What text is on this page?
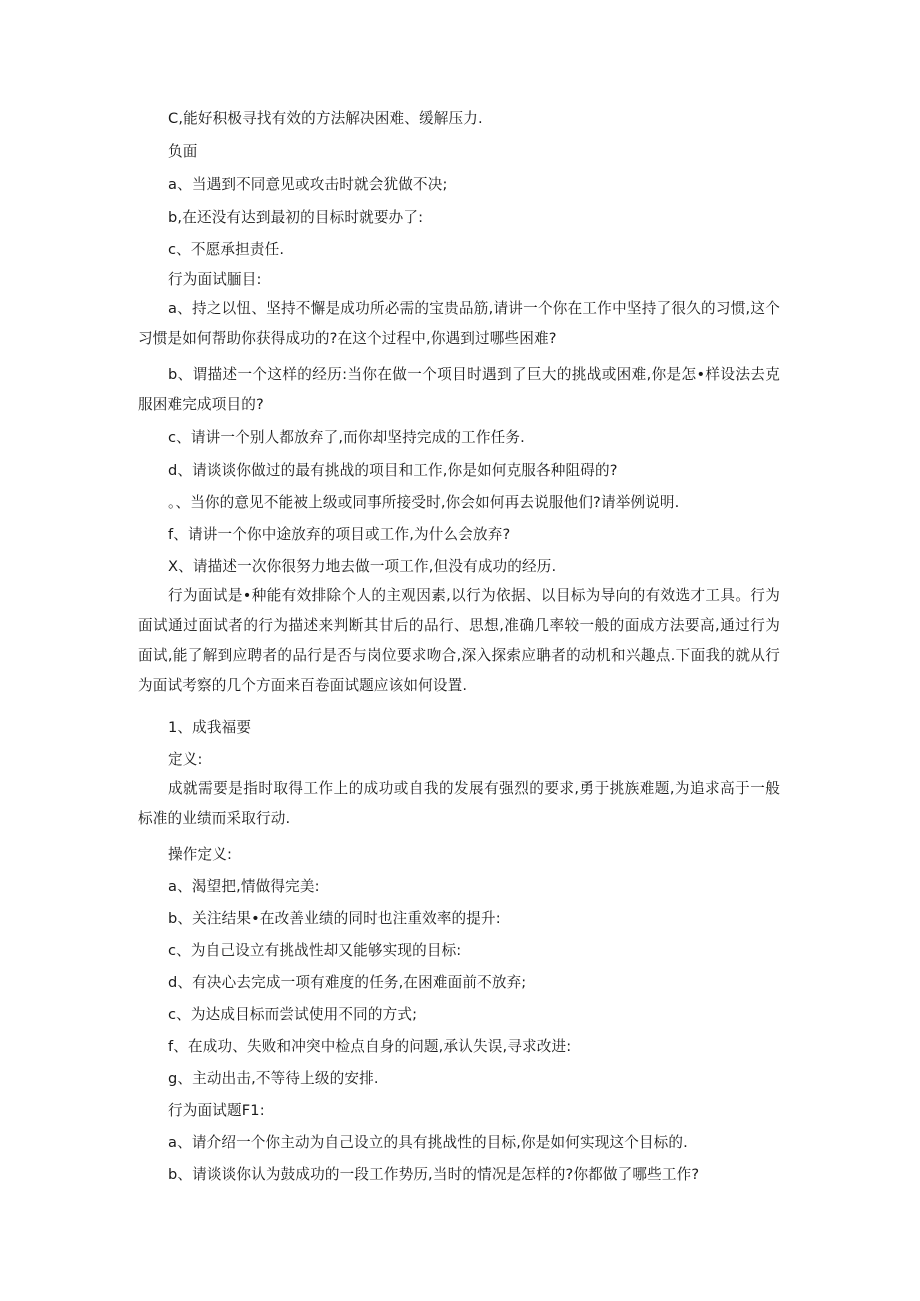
C,能好积极寻找有效的方法解决困难、缓解压力.
负面
a、当遇到不同意见或攻击时就会犹做不决;
b,在还没有达到最初的目标时就要办了:
c、不愿承担责任.
行为面试腼目:
a、持之以忸、坚持不懈是成功所必需的宝贵品筋,请讲一个你在工作中坚持了很久的习惯,这个习惯是如何帮助你获得成功的?在这个过程中,你遇到过哪些困难?
b、谓描述一个这样的经历:当你在做一个项目时遇到了巨大的挑战或困难,你是怎•样设法去克服困难完成项目的?
c、请讲一个别人都放弃了,而你却坚持完成的工作任务.
d、请谈谈你做过的最有挑战的项目和工作,你是如何克服各种阻碍的?
。、当你的意见不能被上级或同事所接受时,你会如何再去说服他们?请举例说明.
f、请讲一个你中途放弃的项目或工作,为什么会放弃?
X、请描述一次你很努力地去做一项工作,但没有成功的经历.
行为面试是•种能有效排除个人的主观因素,以行为依据、以目标为导向的有效选才工具。行为面试通过面试者的行为描述来判断其甘后的品行、思想,准确几率较一般的面成方法要高,通过行为面试,能了解到应聘者的品行是否与岗位要求吻合,深入探索应聃者的动机和兴趣点.下面我的就从行为面试考察的几个方面来百卷面试题应该如何设置.
1、成我福要
定义:
成就需要是指时取得工作上的成功或自我的发展有强烈的要求,勇于挑族难题,为追求高于一般标准的业绩而采取行动.
操作定义:
a、渴望把,情做得完美:
b、关注结果•在改善业绩的同时也注重效率的提升:
c、为自己设立有挑战性却又能够实现的目标:
d、有决心去完成一项有难度的任务,在困难面前不放弃;
c、为达成目标而尝试使用不同的方式;
f、在成功、失败和冲突中检点自身的问题,承认失误,寻求改进:
g、主动出击,不等待上级的安排.
行为面试题F1:
a、请介绍一个你主动为自己设立的具有挑战性的目标,你是如何实现这个目标的.
b、请谈谈你认为鼓成功的一段工作势历,当时的情况是怎样的?你都做了哪些工作?
